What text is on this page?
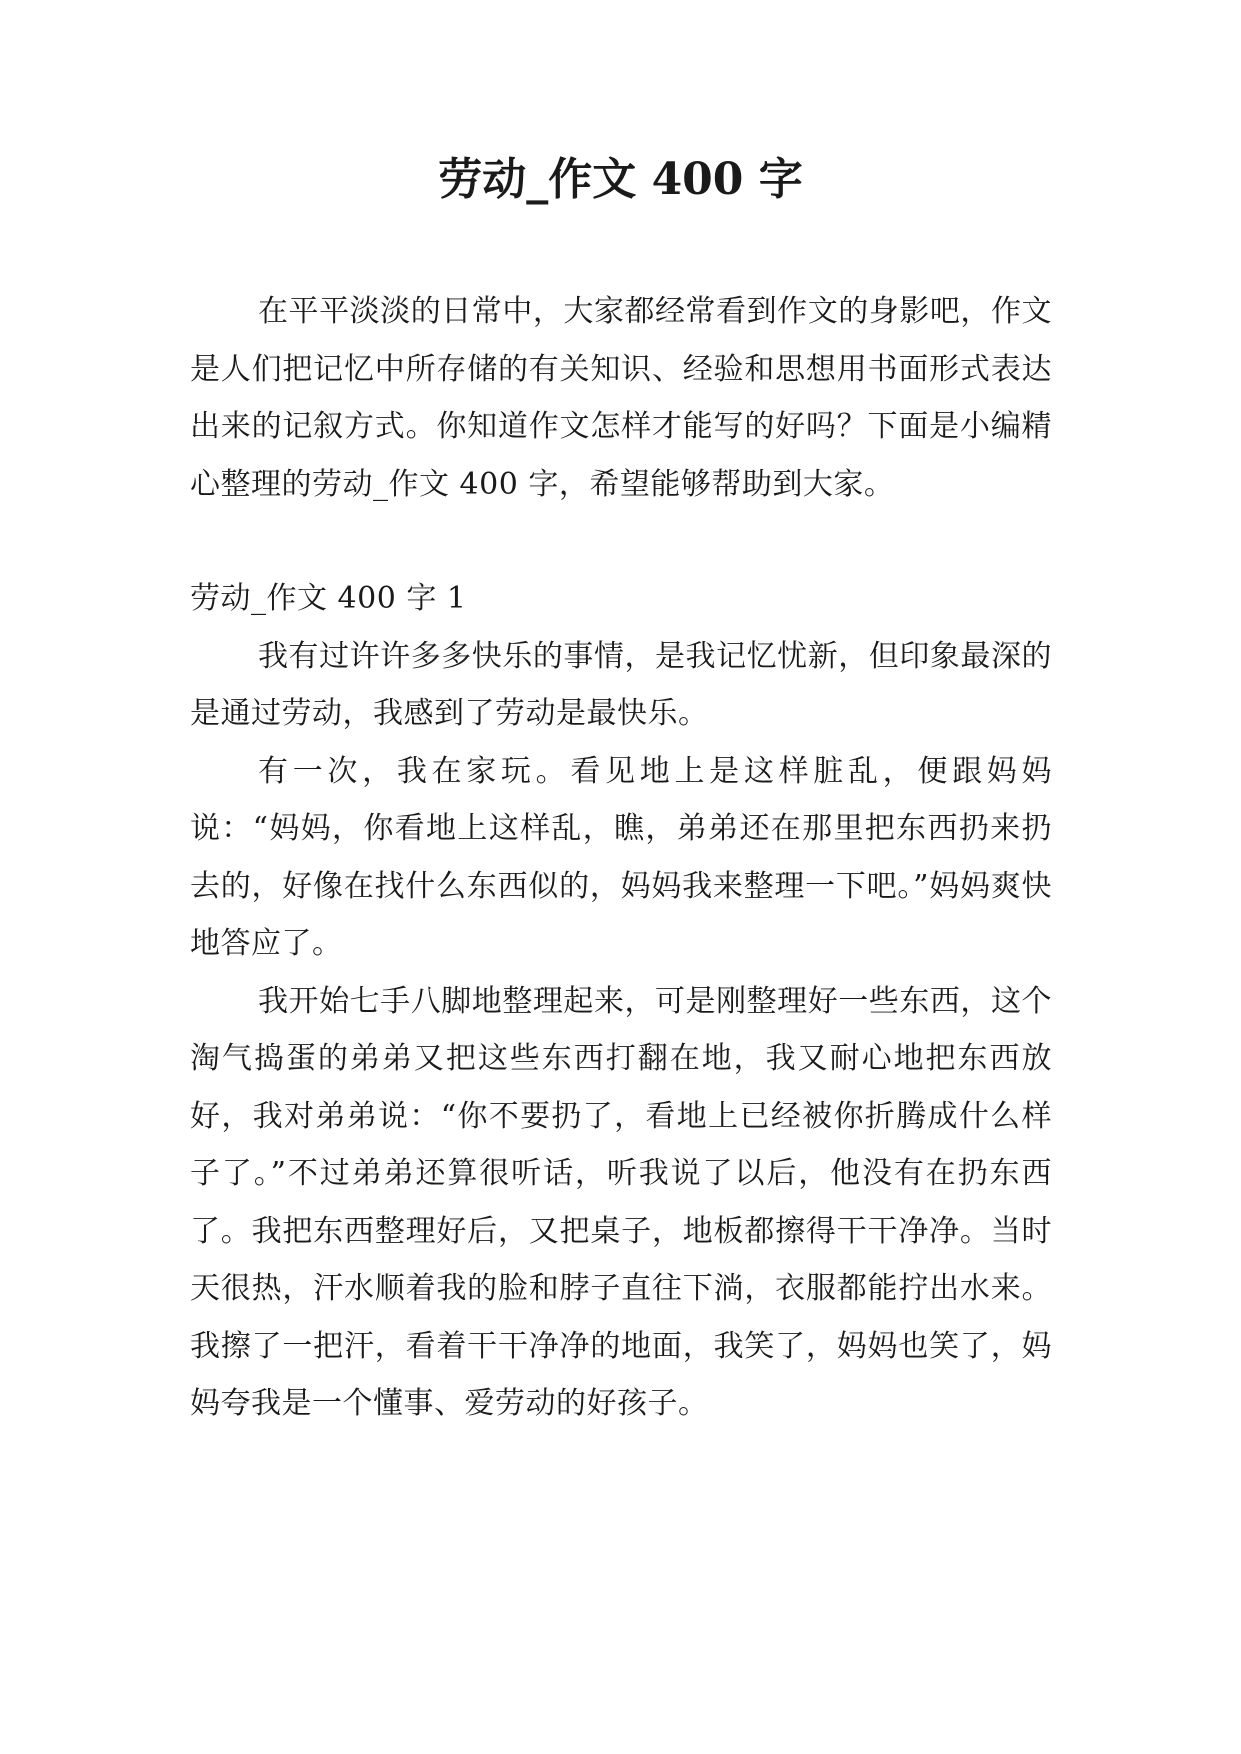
劳动_作文 400 字

在平平淡淡的日常中，大家都经常看到作文的身影吧，作文是人们把记忆中所存储的有关知识、经验和思想用书面形式表达出来的记叙方式。你知道作文怎样才能写的好吗？下面是小编精心整理的劳动_作文 400 字，希望能够帮助到大家。

劳动_作文 400 字 1

我有过许许多多快乐的事情，是我记忆忧新，但印象最深的是通过劳动，我感到了劳动是最快乐。

有一次，我在家玩。看见地上是这样脏乱，便跟妈妈说：“妈妈，你看地上这样乱，瞧，弟弟还在那里把东西扔来扔去的，好像在找什么东西似的，妈妈我来整理一下吧。”妈妈爽快地答应了。

我开始七手八脚地整理起来，可是刚整理好一些东西，这个淘气捣蛋的弟弟又把这些东西打翻在地，我又耐心地把东西放好，我对弟弟说：“你不要扔了，看地上已经被你折腾成什么样子了。”不过弟弟还算很听话，听我说了以后，他没有在扔东西了。我把东西整理好后，又把桌子，地板都擦得干干净净。当时天很热，汗水顺着我的脸和脖子直往下淌，衣服都能拧出水来。我擦了一把汗，看着干干净净的地面，我笑了，妈妈也笑了，妈妈夸我是一个懂事、爱劳动的好孩子。
